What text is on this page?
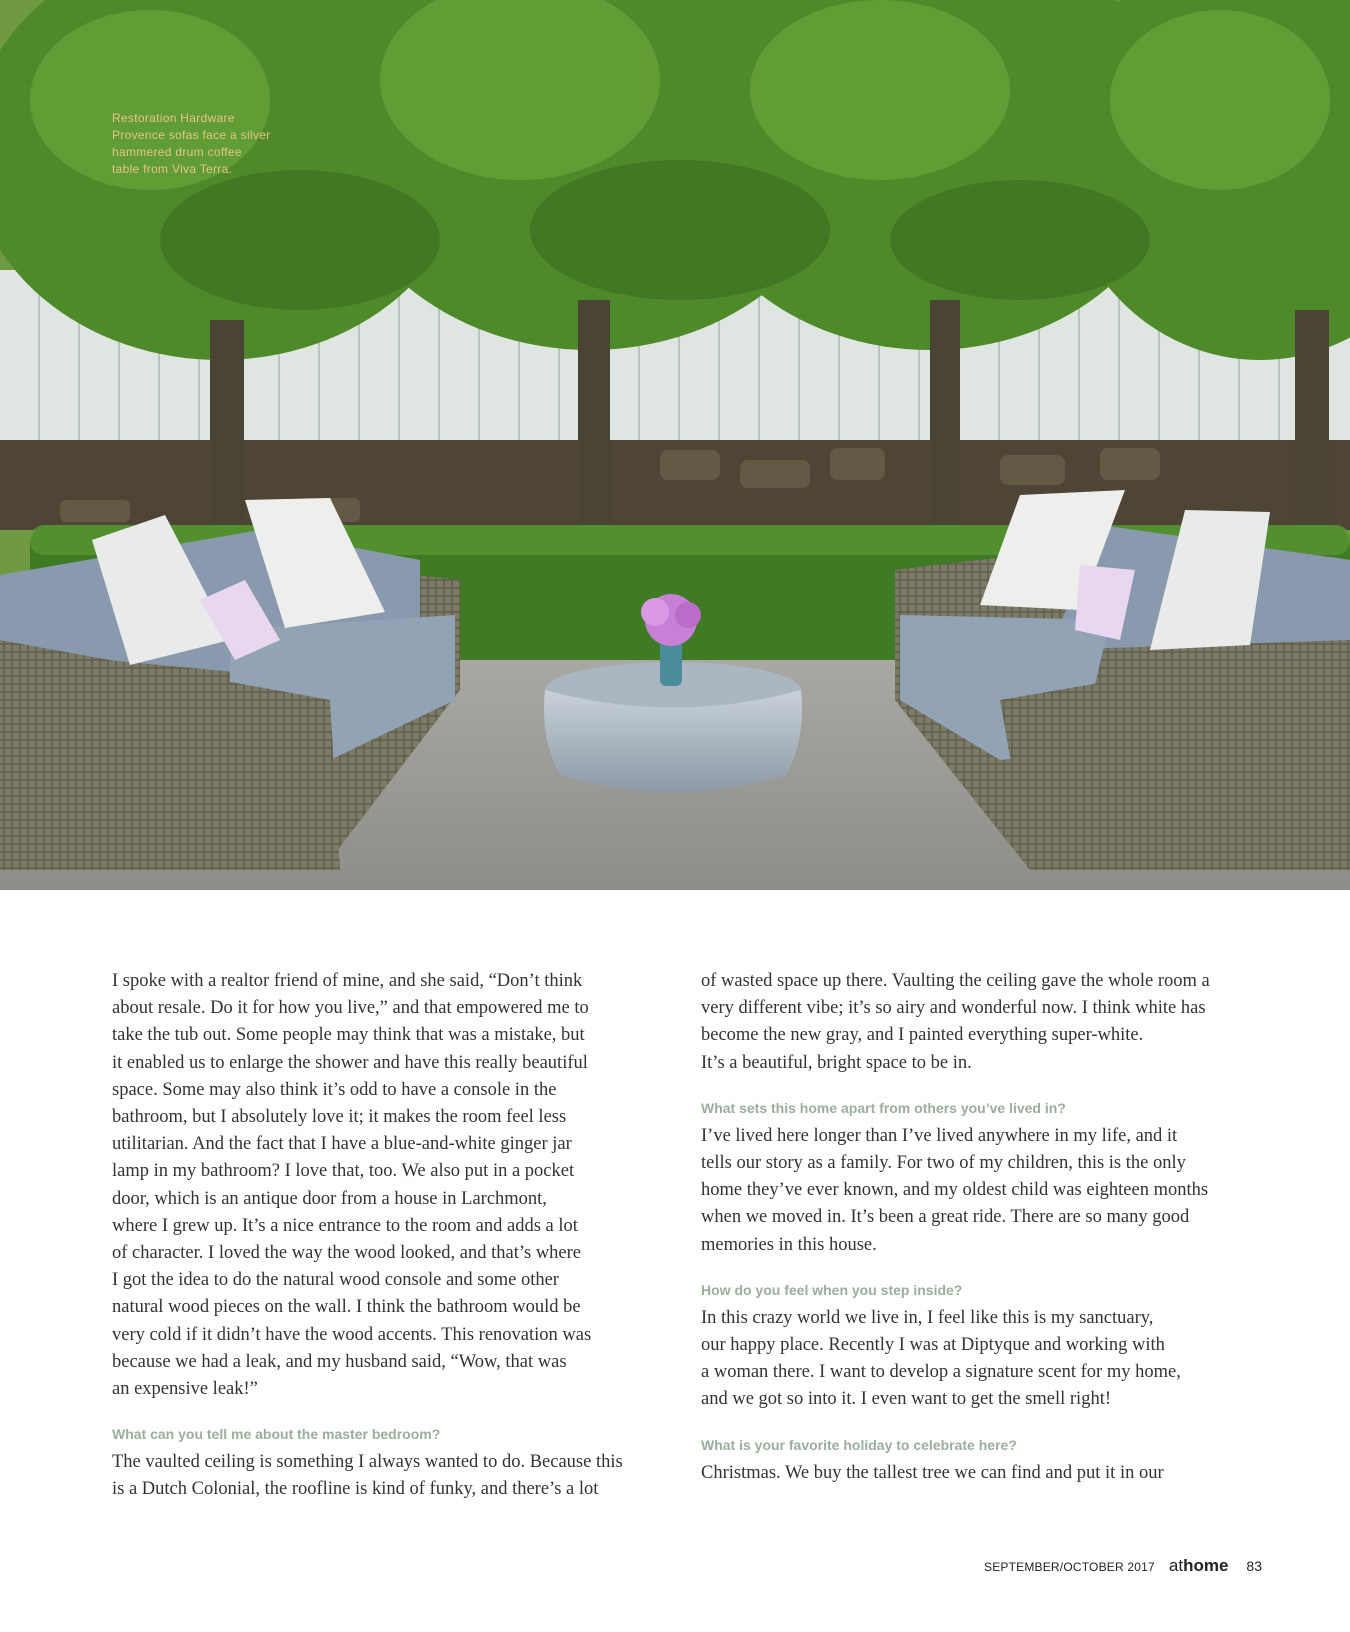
Restoration Hardware
Provence sofas face a silver
hammered drum coffee
table from Viva Terra.

I spoke with a realtor friend of mine, and she said, “Don’t think
about resale. Do it for how you live,” and that empowered me to
take the tub out. Some people may think that was a mistake, but
it enabled us to enlarge the shower and have this really beautiful
space. Some may also think it’s odd to have a console in the
bathroom, but I absolutely love it; it makes the room feel less
utilitarian. And the fact that I have a blue-and-white ginger jar
lamp in my bathroom? I love that, too. We also put in a pocket
door, which is an antique door from a house in Larchmont,
where I grew up. It’s a nice entrance to the room and adds a lot
of character. I loved the way the wood looked, and that’s where
I got the idea to do the natural wood console and some other
natural wood pieces on the wall. I think the bathroom would be
very cold if it didn’t have the wood accents. This renovation was
because we had a leak, and my husband said, “Wow, that was
an expensive leak!”

What can you tell me about the master bedroom?

The vaulted ceiling is something I always wanted to do. Because this
is a Dutch Colonial, the roofline is kind of funky, and there’s a lot

of wasted space up there. Vaulting the ceiling gave the whole room a
very different vibe; it’s so airy and wonderful now. I think white has
become the new gray, and I painted everything super-white.
It’s a beautiful, bright space to be in.

What sets this home apart from others you’ve lived in?

I’ve lived here longer than I’ve lived anywhere in my life, and it
tells our story as a family. For two of my children, this is the only
home they’ve ever known, and my oldest child was eighteen months
when we moved in. It’s been a great ride. There are so many good
memories in this house.

How do you feel when you step inside?

In this crazy world we live in, I feel like this is my sanctuary,
our happy place. Recently I was at Diptyque and working with
a woman there. I want to develop a signature scent for my home,
and we got so into it. I even want to get the smell right!

What is your favorite holiday to celebrate here?

Christmas. We buy the tallest tree we can find and put it in our

SEPTEMBER/OCTOBER 2017 athome 83
